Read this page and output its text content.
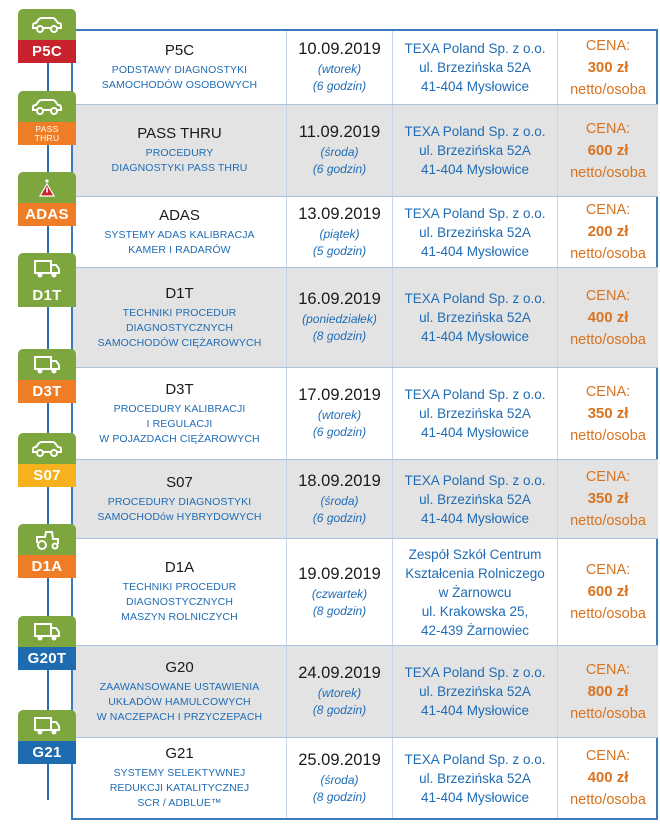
P5C
PODSTAWY DIAGNOSTYKI
SAMOCHODÓW OSOBOWYCH
10.09.2019
(wtorek)
(6 godzin)
TEXA Poland Sp. z o.o.
ul. Brzezińska 52A
41-404 Mysłowice
CENA:
300 zł
netto/osoba
PASS THRU
PROCEDURY
DIAGNOSTYKI PASS THRU
11.09.2019
(środa)
(6 godzin)
TEXA Poland Sp. z o.o.
ul. Brzezińska 52A
41-404 Mysłowice
CENA:
600 zł
netto/osoba
ADAS
SYSTEMY ADAS KALIBRACJA
KAMER I RADARÓW
13.09.2019
(piątek)
(5 godzin)
TEXA Poland Sp. z o.o.
ul. Brzezińska 52A
41-404 Mysłowice
CENA:
200 zł
netto/osoba
D1T
TECHNIKI PROCEDUR DIAGNOSTYCZNYCH
SAMOCHODÓW CIĘŻAROWYCH
16.09.2019
(poniedziałek)
(8 godzin)
TEXA Poland Sp. z o.o.
ul. Brzezińska 52A
41-404 Mysłowice
CENA:
400 zł
netto/osoba
D3T
PROCEDURY KALIBRACJI
I REGULACJI
W POJAZDACH CIĘŻAROWYCH
17.09.2019
(wtorek)
(6 godzin)
TEXA Poland Sp. z o.o.
ul. Brzezińska 52A
41-404 Mysłowice
CENA:
350 zł
netto/osoba
S07
PROCEDURY DIAGNOSTYKI
SAMOCHODów HYBRYDOWYCH
18.09.2019
(środa)
(6 godzin)
TEXA Poland Sp. z o.o.
ul. Brzezińska 52A
41-404 Mysłowice
CENA:
350 zł
netto/osoba
D1A
TECHNIKI PROCEDUR DIAGNOSTYCZNYCH
MASZYN ROLNICZYCH
19.09.2019
(czwartek)
(8 godzin)
Zespół Szkół Centrum
Kształcenia Rolniczego
w Żarnowcu
ul. Krakowska 25,
42-439 Żarnowiec
CENA:
600 zł
netto/osoba
G20
ZAAWANSOWANE USTAWIENIA
UKŁADÓW HAMULCOWYCH
W NACZEPACH I PRZYCZEPACH
24.09.2019
(wtorek)
(8 godzin)
TEXA Poland Sp. z o.o.
ul. Brzezińska 52A
41-404 Mysłowice
CENA:
800 zł
netto/osoba
G21
SYSTEMY SELEKTYWNEJ
REDUKCJI KATALITYCZNEJ
SCR / ADBLUE™
25.09.2019
(środa)
(8 godzin)
TEXA Poland Sp. z o.o.
ul. Brzezińska 52A
41-404 Mysłowice
CENA:
400 zł
netto/osoba
P5C
PASS
THRU
ADAS
D1T
D3T
S07
D1A
G20T
G21
